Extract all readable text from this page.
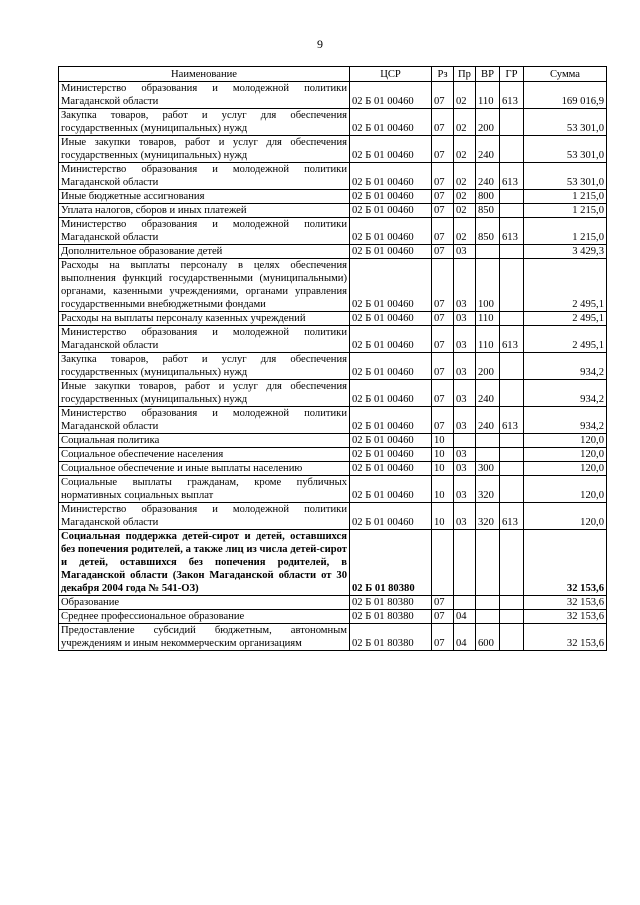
9
Наименование	ЦСР	Рз	Пр	ВР	ГР	Сумма
Министерство образования и молодежной политики Магаданской области	02 Б 01 00460	07	02	110	613	169 016,9
Закупка товаров, работ и услуг для обеспечения государственных (муниципальных) нужд	02 Б 01 00460	07	02	200		53 301,0
Иные закупки товаров, работ и услуг для обеспечения государственных (муниципальных) нужд	02 Б 01 00460	07	02	240		53 301,0
Министерство образования и молодежной политики Магаданской области	02 Б 01 00460	07	02	240	613	53 301,0
Иные бюджетные ассигнования	02 Б 01 00460	07	02	800		1 215,0
Уплата налогов, сборов и иных платежей	02 Б 01 00460	07	02	850		1 215,0
Министерство образования и молодежной политики Магаданской области	02 Б 01 00460	07	02	850	613	1 215,0
Дополнительное образование детей	02 Б 01 00460	07	03			3 429,3
Расходы на выплаты персоналу в целях обеспечения выполнения функций государственными (муниципальными) органами, казенными учреждениями, органами управления государственными внебюджетными фондами	02 Б 01 00460	07	03	100		2 495,1
Расходы на выплаты персоналу казенных учреждений	02 Б 01 00460	07	03	110		2 495,1
Министерство образования и молодежной политики Магаданской области	02 Б 01 00460	07	03	110	613	2 495,1
Закупка товаров, работ и услуг для обеспечения государственных (муниципальных) нужд	02 Б 01 00460	07	03	200		934,2
Иные закупки товаров, работ и услуг для обеспечения государственных (муниципальных) нужд	02 Б 01 00460	07	03	240		934,2
Министерство образования и молодежной политики Магаданской области	02 Б 01 00460	07	03	240	613	934,2
Социальная политика	02 Б 01 00460	10				120,0
Социальное обеспечение населения	02 Б 01 00460	10	03			120,0
Социальное обеспечение и иные выплаты населению	02 Б 01 00460	10	03	300		120,0
Социальные выплаты гражданам, кроме публичных нормативных социальных выплат	02 Б 01 00460	10	03	320		120,0
Министерство образования и молодежной политики Магаданской области	02 Б 01 00460	10	03	320	613	120,0
Социальная поддержка детей-сирот и детей, оставшихся без попечения родителей, а также лиц из числа детей-сирот и детей, оставшихся без попечения родителей, в Магаданской области (Закон Магаданской области от 30 декабря 2004 года № 541-ОЗ)	02 Б 01 80380					32 153,6
Образование	02 Б 01 80380	07				32 153,6
Среднее профессиональное образование	02 Б 01 80380	07	04			32 153,6
Предоставление субсидий бюджетным, автономным учреждениям и иным некоммерческим организациям	02 Б 01 80380	07	04	600		32 153,6
